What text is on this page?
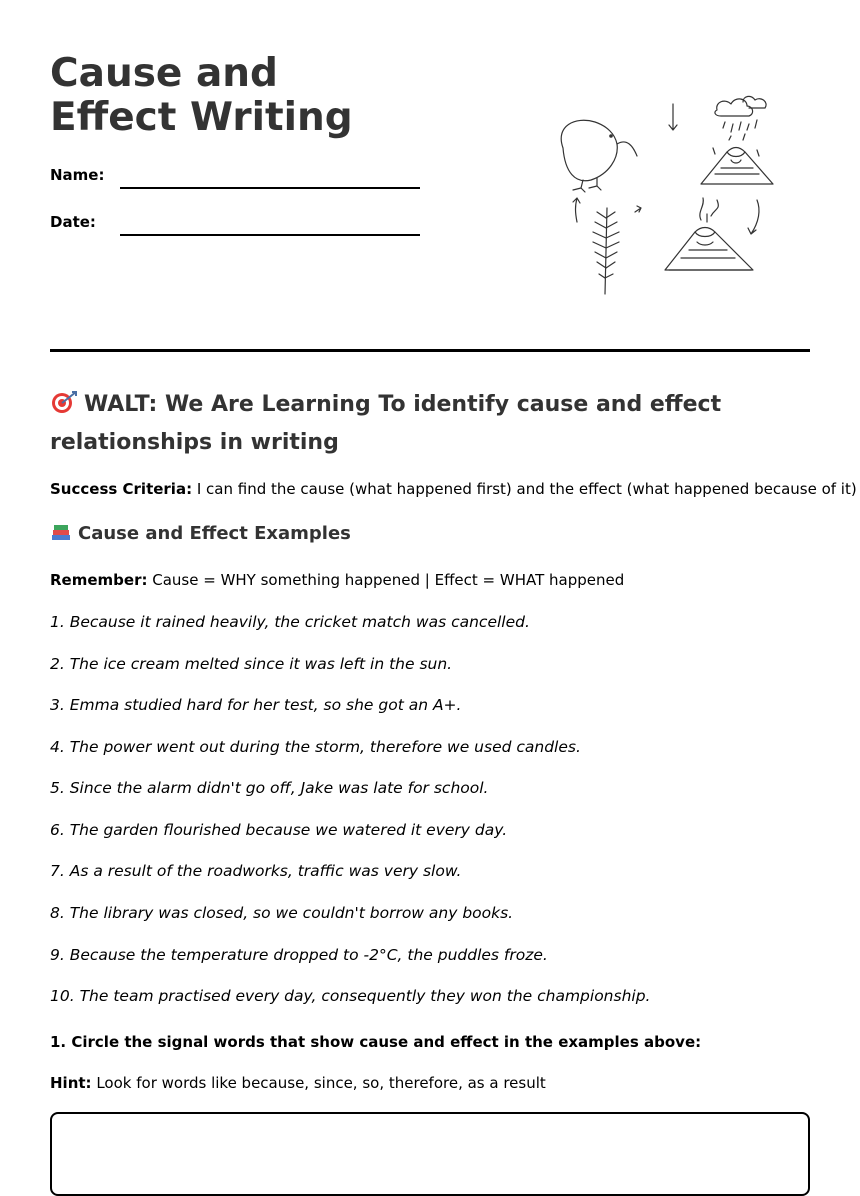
Cause and Effect Writing
Name:
Date:
WALT: We Are Learning To identify cause and effect relationships in writing
Success Criteria: I can find the cause (what happened first) and the effect (what happened because of it)
Cause and Effect Examples
Remember: Cause = WHY something happened | Effect = WHAT happened
1. Because it rained heavily, the cricket match was cancelled.
2. The ice cream melted since it was left in the sun.
3. Emma studied hard for her test, so she got an A+.
4. The power went out during the storm, therefore we used candles.
5. Since the alarm didn't go off, Jake was late for school.
6. The garden flourished because we watered it every day.
7. As a result of the roadworks, traffic was very slow.
8. The library was closed, so we couldn't borrow any books.
9. Because the temperature dropped to -2°C, the puddles froze.
10. The team practised every day, consequently they won the championship.
1. Circle the signal words that show cause and effect in the examples above:
Hint: Look for words like because, since, so, therefore, as a result
